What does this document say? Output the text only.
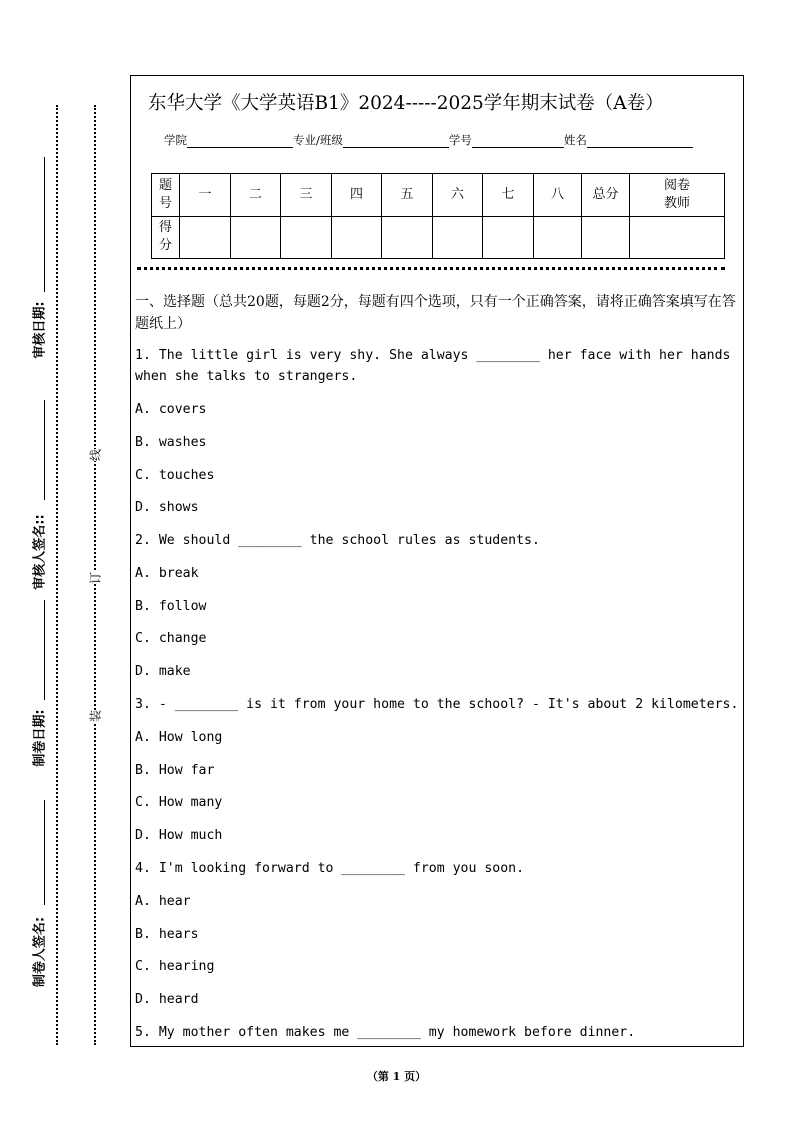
审核日期:
审核人签名::
制卷日期:
制卷人签名:
线
订
装
东华大学《大学英语B1》2024-----2025学年期末试卷（A卷）
学院	专业/班级	学号	姓名
题号	一	二	三	四	五	六	七	八	总分	阅卷教师
得分										
一、选择题（总共20题，每题2分，每题有四个选项，只有一个正确答案，请将正确答案填写在答题纸上）
1. The little girl is very shy. She always ________ her face with her hands when she talks to strangers.
A. covers
B. washes
C. touches
D. shows
2. We should ________ the school rules as students.
A. break
B. follow
C. change
D. make
3. - ________ is it from your home to the school? - It's about 2 kilometers.
A. How long
B. How far
C. How many
D. How much
4. I'm looking forward to ________ from you soon.
A. hear
B. hears
C. hearing
D. heard
5. My mother often makes me ________ my homework before dinner.
（第 1 页）
